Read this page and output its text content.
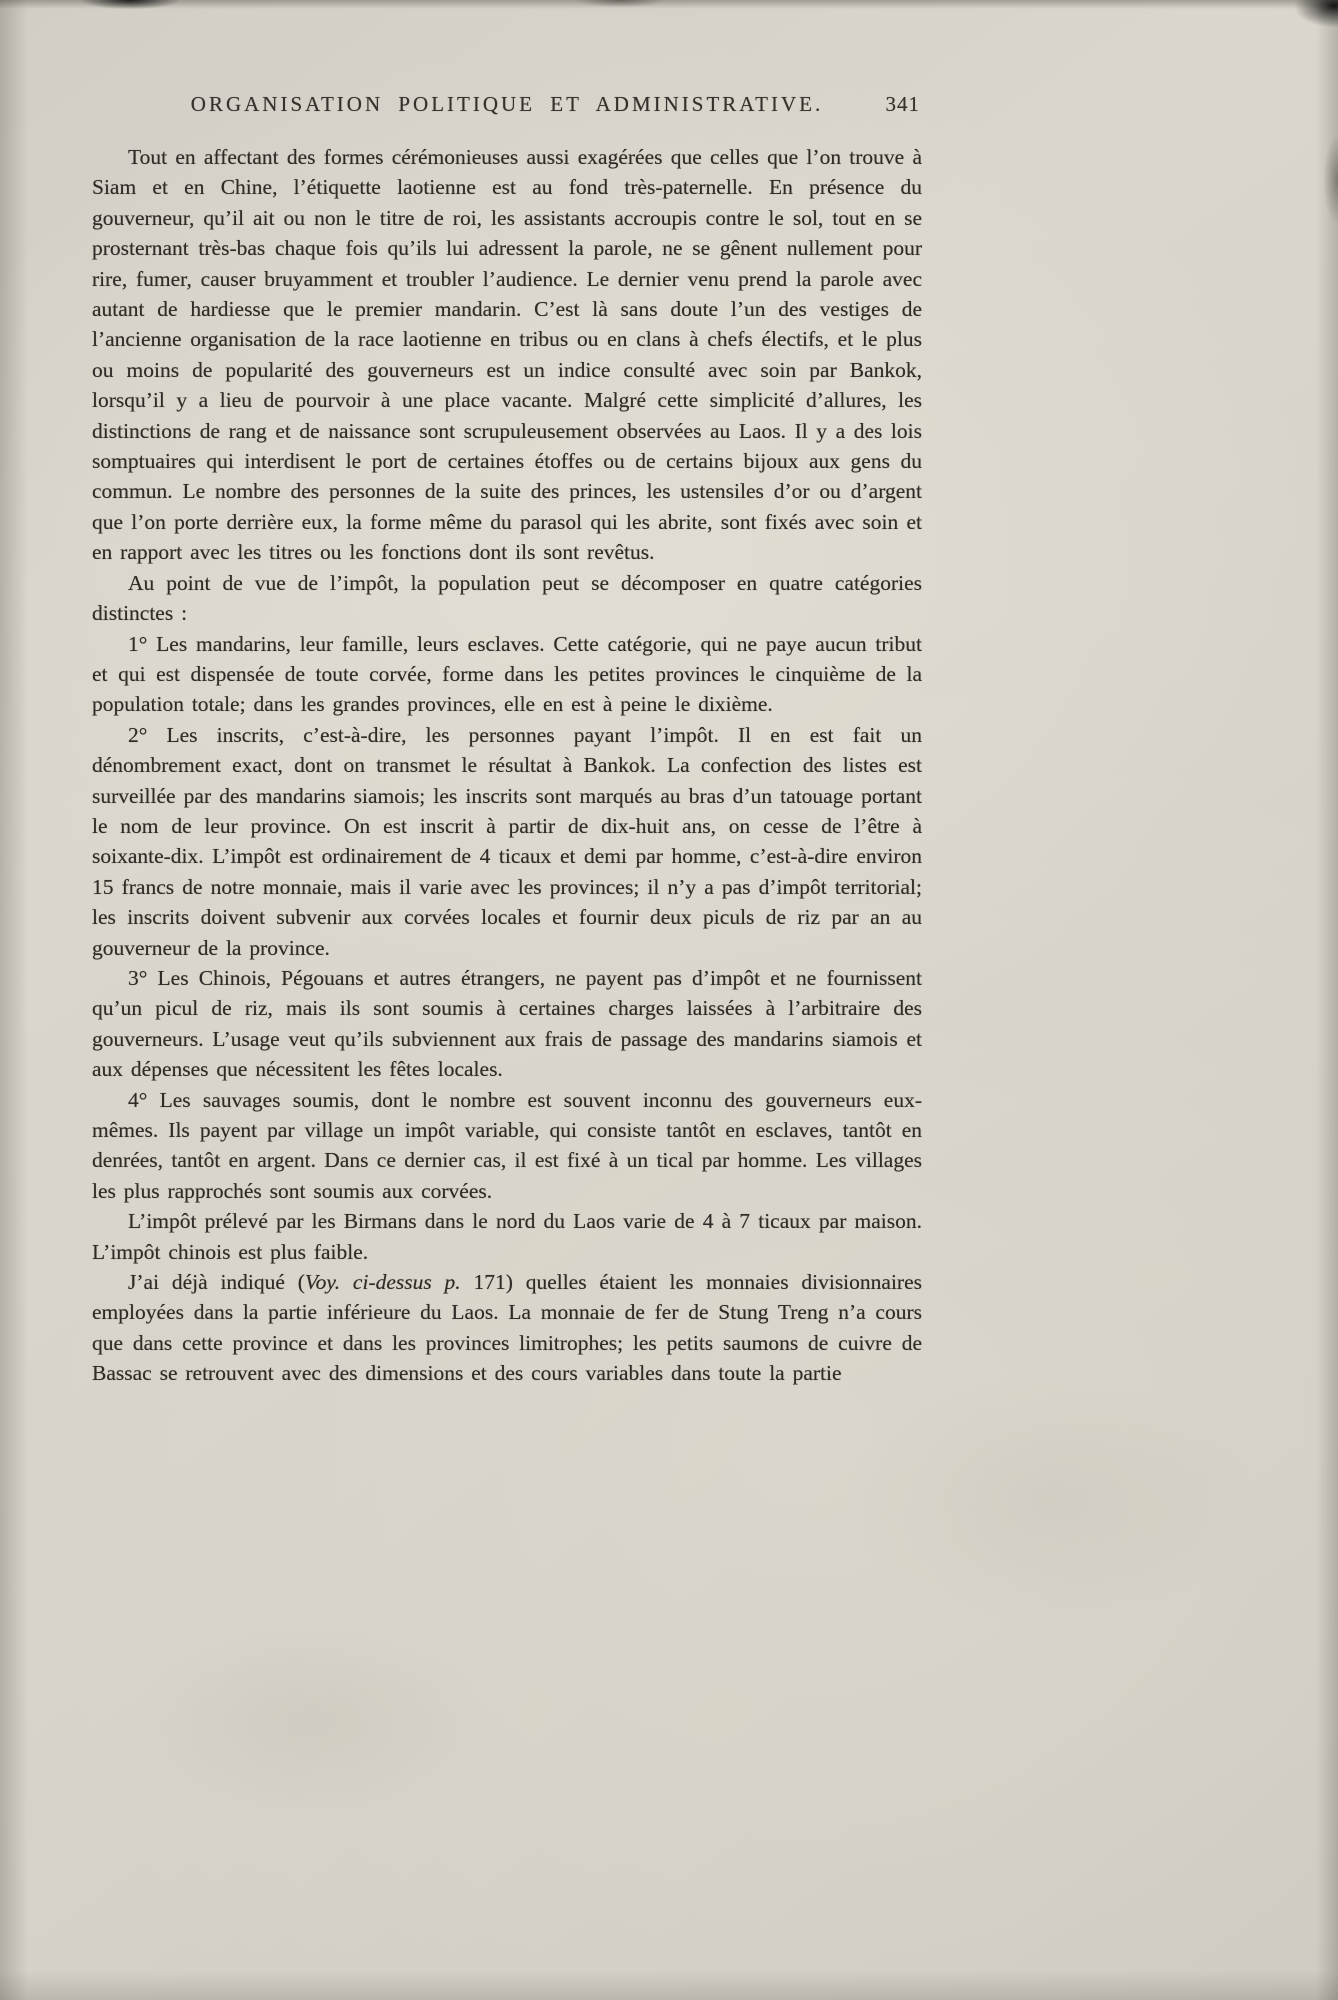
ORGANISATION POLITIQUE ET ADMINISTRATIVE.	341

Tout en affectant des formes cérémonieuses aussi exagérées que celles que l’on trouve à Siam et en Chine, l’étiquette laotienne est au fond très-paternelle. En présence du gouverneur, qu’il ait ou non le titre de roi, les assistants accroupis contre le sol, tout en se prosternant très-bas chaque fois qu’ils lui adressent la parole, ne se gênent nullement pour rire, fumer, causer bruyamment et troubler l’audience. Le dernier venu prend la parole avec autant de hardiesse que le premier mandarin. C’est là sans doute l’un des vestiges de l’ancienne organisation de la race laotienne en tribus ou en clans à chefs électifs, et le plus ou moins de popularité des gouverneurs est un indice consulté avec soin par Bankok, lorsqu’il y a lieu de pourvoir à une place vacante. Malgré cette simplicité d’allures, les distinctions de rang et de naissance sont scrupuleusement observées au Laos. Il y a des lois somptuaires qui interdisent le port de certaines étoffes ou de certains bijoux aux gens du commun. Le nombre des personnes de la suite des princes, les ustensiles d’or ou d’argent que l’on porte derrière eux, la forme même du parasol qui les abrite, sont fixés avec soin et en rapport avec les titres ou les fonctions dont ils sont revêtus.

Au point de vue de l’impôt, la population peut se décomposer en quatre catégories distinctes :

1° Les mandarins, leur famille, leurs esclaves. Cette catégorie, qui ne paye aucun tribut et qui est dispensée de toute corvée, forme dans les petites provinces le cinquième de la population totale; dans les grandes provinces, elle en est à peine le dixième.

2° Les inscrits, c’est-à-dire, les personnes payant l’impôt. Il en est fait un dénombrement exact, dont on transmet le résultat à Bankok. La confection des listes est surveillée par des mandarins siamois; les inscrits sont marqués au bras d’un tatouage portant le nom de leur province. On est inscrit à partir de dix-huit ans, on cesse de l’être à soixante-dix. L’impôt est ordinairement de 4 ticaux et demi par homme, c’est-à-dire environ 15 francs de notre monnaie, mais il varie avec les provinces; il n’y a pas d’impôt territorial; les inscrits doivent subvenir aux corvées locales et fournir deux piculs de riz par an au gouverneur de la province.

3° Les Chinois, Pégouans et autres étrangers, ne payent pas d’impôt et ne fournissent qu’un picul de riz, mais ils sont soumis à certaines charges laissées à l’arbitraire des gouverneurs. L’usage veut qu’ils subviennent aux frais de passage des mandarins siamois et aux dépenses que nécessitent les fêtes locales.

4° Les sauvages soumis, dont le nombre est souvent inconnu des gouverneurs eux-mêmes. Ils payent par village un impôt variable, qui consiste tantôt en esclaves, tantôt en denrées, tantôt en argent. Dans ce dernier cas, il est fixé à un tical par homme. Les villages les plus rapprochés sont soumis aux corvées.

L’impôt prélevé par les Birmans dans le nord du Laos varie de 4 à 7 ticaux par maison. L’impôt chinois est plus faible.

J’ai déjà indiqué (Voy. ci-dessus p. 171) quelles étaient les monnaies divisionnaires employées dans la partie inférieure du Laos. La monnaie de fer de Stung Treng n’a cours que dans cette province et dans les provinces limitrophes; les petits saumons de cuivre de Bassac se retrouvent avec des dimensions et des cours variables dans toute la partie
